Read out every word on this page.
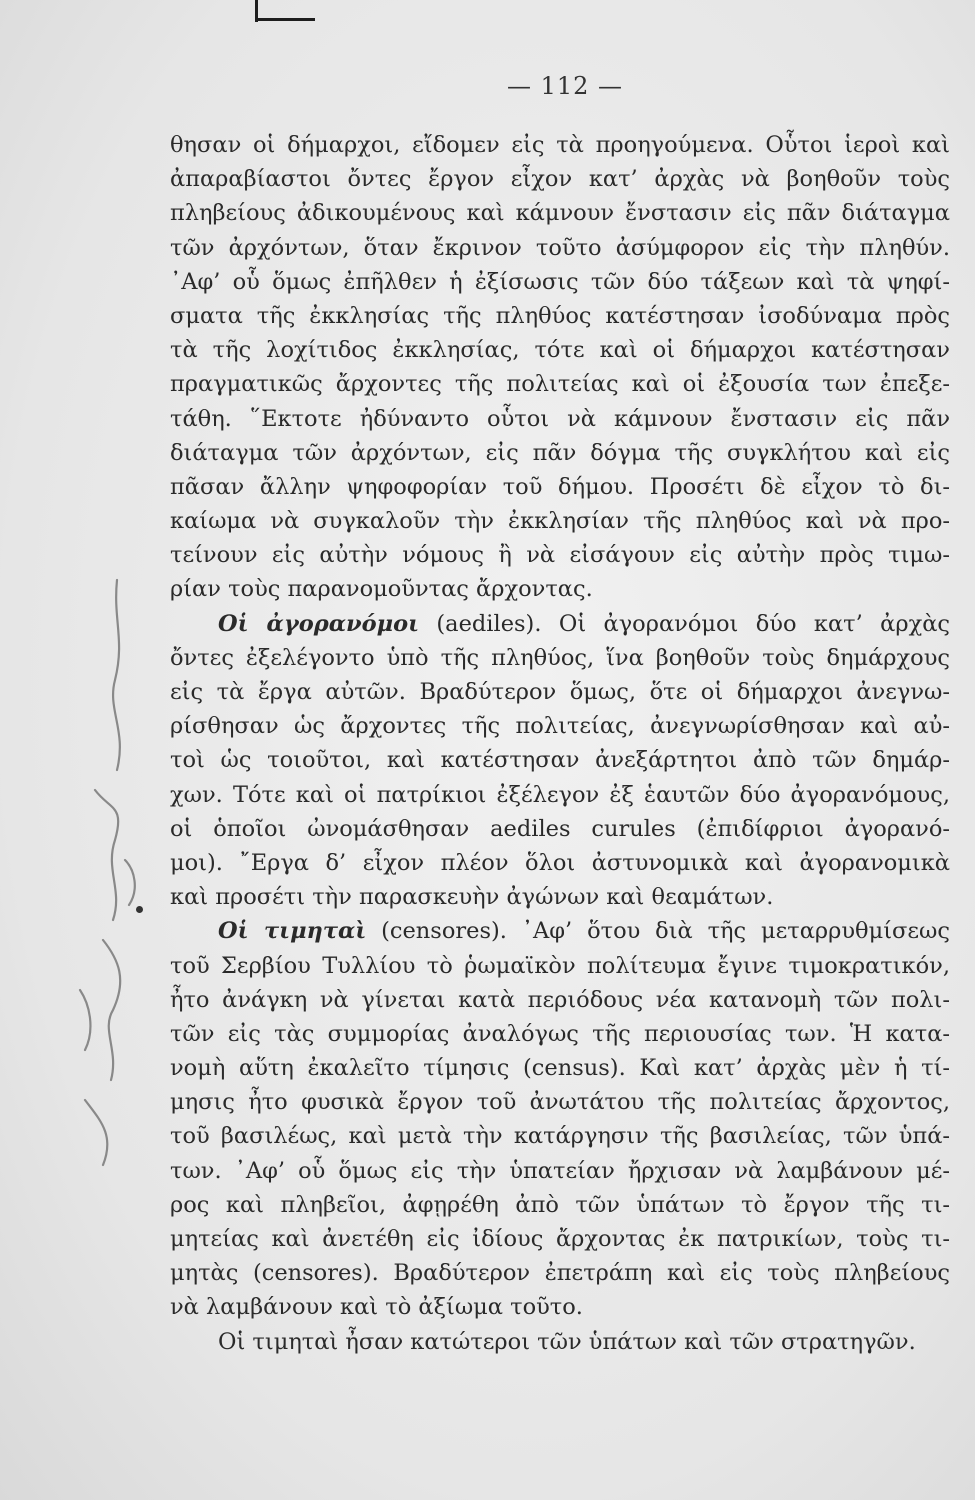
— 112 —
θησαν οἱ δήμαρχοι, εἴδομεν εἰς τὰ προηγούμενα. Οὗτοι ἱεροὶ καὶ
ἀπαραβίαστοι ὄντες ἔργον εἶχον κατ’ ἀρχὰς νὰ βοηθοῦν τοὺς
πληβείους ἀδικουμένους καὶ κάμνουν ἔνστασιν εἰς πᾶν διάταγμα
τῶν ἀρχόντων, ὅταν ἔκρινον τοῦτο ἀσύμφορον εἰς τὴν πληθύν.
᾽Αφ’ οὗ ὅμως ἐπῆλθεν ἡ ἐξίσωσις τῶν δύο τάξεων καὶ τὰ ψηφί-
σματα τῆς ἐκκλησίας τῆς πληθύος κατέστησαν ἰσοδύναμα πρὸς
τὰ τῆς λοχίτιδος ἐκκλησίας, τότε καὶ οἱ δήμαρχοι κατέστησαν
πραγματικῶς ἄρχοντες τῆς πολιτείας καὶ οἱ ἐξουσία των ἐπεξε-
τάθη. ῞Εκτοτε ἠδύναντο οὗτοι νὰ κάμνουν ἔνστασιν εἰς πᾶν
διάταγμα τῶν ἀρχόντων, εἰς πᾶν δόγμα τῆς συγκλήτου καὶ εἰς
πᾶσαν ἄλλην ψηφοφορίαν τοῦ δήμου. Προσέτι δὲ εἶχον τὸ δι-
καίωμα νὰ συγκαλοῦν τὴν ἐκκλησίαν τῆς πληθύος καὶ νὰ προ-
τείνουν εἰς αὐτὴν νόμους ἢ νὰ εἰσάγουν εἰς αὐτὴν πρὸς τιμω-
ρίαν τοὺς παρανομοῦντας ἄρχοντας.
Οἱ ἀγορανόμοι (aediles). Οἱ ἀγορανόμοι δύο κατ’ ἀρχὰς
ὄντες ἐξελέγοντο ὑπὸ τῆς πληθύος, ἵνα βοηθοῦν τοὺς δημάρχους
εἰς τὰ ἔργα αὐτῶν. Βραδύτερον ὅμως, ὅτε οἱ δήμαρχοι ἀνεγνω-
ρίσθησαν ὡς ἄρχοντες τῆς πολιτείας, ἀνεγνωρίσθησαν καὶ αὐ-
τοὶ ὡς τοιοῦτοι, καὶ κατέστησαν ἀνεξάρτητοι ἀπὸ τῶν δημάρ-
χων. Τότε καὶ οἱ πατρίκιοι ἐξέλεγον ἐξ ἑαυτῶν δύο ἀγορανόμους,
οἱ ὁποῖοι ὠνομάσθησαν aediles curules (ἐπιδίφριοι ἀγορανό-
μοι). ῎Εργα δ’ εἶχον πλέον ὅλοι ἀστυνομικὰ καὶ ἀγορανομικὰ
καὶ προσέτι τὴν παρασκευὴν ἀγώνων καὶ θεαμάτων.
Οἱ τιμηταὶ (censores). ᾽Αφ’ ὅτου διὰ τῆς μεταρρυθμίσεως
τοῦ Σερβίου Τυλλίου τὸ ῥωμαϊκὸν πολίτευμα ἔγινε τιμοκρατικόν,
ἦτο ἀνάγκη νὰ γίνεται κατὰ περιόδους νέα κατανομὴ τῶν πολι-
τῶν εἰς τὰς συμμορίας ἀναλόγως τῆς περιουσίας των. Ἡ κατα-
νομὴ αὕτη ἐκαλεῖτο τίμησις (census). Καὶ κατ’ ἀρχὰς μὲν ἡ τί-
μησις ἦτο φυσικὰ ἔργον τοῦ ἀνωτάτου τῆς πολιτείας ἄρχοντος,
τοῦ βασιλέως, καὶ μετὰ τὴν κατάργησιν τῆς βασιλείας, τῶν ὑπά-
των. ᾽Αφ’ οὗ ὅμως εἰς τὴν ὑπατείαν ἤρχισαν νὰ λαμβάνουν μέ-
ρος καὶ πληβεῖοι, ἀφῃρέθη ἀπὸ τῶν ὑπάτων τὸ ἔργον τῆς τι-
μητείας καὶ ἀνετέθη εἰς ἰδίους ἄρχοντας ἐκ πατρικίων, τοὺς τι-
μητὰς (censores). Βραδύτερον ἐπετράπη καὶ εἰς τοὺς πληβείους
νὰ λαμβάνουν καὶ τὸ ἀξίωμα τοῦτο.
Οἱ τιμηταὶ ἦσαν κατώτεροι τῶν ὑπάτων καὶ τῶν στρατηγῶν.
